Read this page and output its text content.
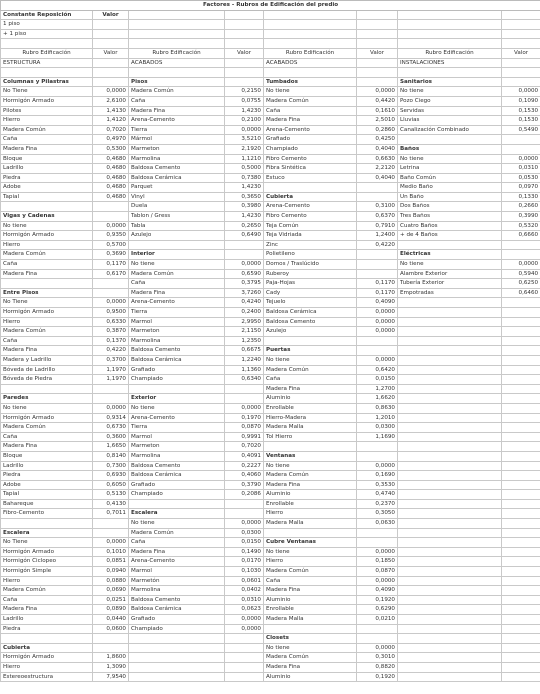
Factores - Rubros de Edificación del predio							
Constante Reposición	Valor						
1 piso							
+ 1 piso							

Rubro Edificación	Valor	Rubro Edificación	Valor	Rubro Edificación	Valor	Rubro Edificación	Valor
ESTRUCTURA		ACABADOS		ACABADOS		INSTALACIONES	

Columnas y Pilastras		Pisos		Tumbados		Sanitarios	
No Tiene	0,0000	Madera Común	0,2150	No tiene	0,0000	No tiene	0,0000
Hormigón Armado	2,6100	Caña	0,0755	Madera Común	0,4420	Pozo Ciego	0,1090
Pilotes	1,4130	Madera Fina	1,4230	Caña	0,1610	Servidas	0,1530
Hierro	1,4120	Arena-Cemento	0,2100	Madera Fina	2,5010	Lluvias	0,1530
Madera Común	0,7020	Tierra	0,0000	Arena-Cemento	0,2860	Canalización Combinado	0,5490
Caña	0,4970	Mármol	3,5210	Grafiado	0,4250		
Madera Fina	0,5300	Marmeton	2,1920	Champiado	0,4040	Baños	
Bloque	0,4680	Marmolina	1,1210	Fibro Cemento	0,6630	No tiene	0,0000
Ladrillo	0,4680	Baldosa Cemento	0,5000	Fibra Sintética	2,2120	Letrina	0,0310
Piedra	0,4680	Baldosa Cerámica	0,7380	Estuco	0,4040	Baño Común	0,0530
Adobe	0,4680	Parquet	1,4230			Medio Baño	0,0970
Tapial	0,4680	Vinyl	0,3650	Cubierta		Un Baño	0,1330
		Duela	0,3980	Arena-Cemento	0,3100	Dos Baños	0,2660
Vigas y Cadenas		Tablon / Gress	1,4230	Fibro Cemento	0,6370	Tres Baños	0,3990
No tiene	0,0000	Tabla	0,2650	Teja Común	0,7910	Cuatro Baños	0,5320
Hormigón Armado	0,9350	Azulejo	0,6490	Teja Vidriada	1,2400	+ de 4 Baños	0,6660
Hierro	0,5700			Zinc	0,4220		
Madera Común	0,3690	Interior		Polietileno		Eléctricas	
Caña	0,1170	No tiene	0,0000	Domos / Traslúcido		No tiene	0,0000
Madera Fina	0,6170	Madera Común	0,6590	Ruberoy		Alambre Exterior	0,5940
		Caña	0,3795	Paja-Hojas	0,1170	Tubería Exterior	0,6250
Entre Pisos		Madera Fina	3,7260	Cady	0,1170	Empotradas	0,6460
No Tiene	0,0000	Arena-Cemento	0,4240	Tejuelo	0,4090		
Hormigón Armado	0,9500	Tierra	0,2400	Baldosa Cerámica	0,0000		
Hierro	0,6330	Marmol	2,9950	Baldosa Cemento	0,0000		
Madera Común	0,3870	Marmeton	2,1150	Azulejo	0,0000		
Caña	0,1370	Marmolina	1,2350				
Madera Fina	0,4220	Baldosa Cemento	0,6675	Puertas			
Madera y Ladrillo	0,3700	Baldosa Cerámica	1,2240	No tiene	0,0000		
Bóveda de Ladrillo	1,1970	Grafiado	1,1360	Madera Común	0,6420		
Bóveda de Piedra	1,1970	Champiado	0,6340	Caña	0,0150		
				Madera Fina	1,2700		
Paredes		Exterior		Aluminio	1,6620		
No tiene	0,0000	No tiene	0,0000	Enrollable	0,8630		
Hormigón Armado	0,9314	Arena-Cemento	0,1970	Hierro-Madera	1,2010		
Madera Común	0,6730	Tierra	0,0870	Madera Malla	0,0300		
Caña	0,3600	Marmol	0,9991	Tol Hierro	1,1690		
Madera Fina	1,6650	Marmeton	0,7020				
Bloque	0,8140	Marmolina	0,4091	Ventanas			
Ladrillo	0,7300	Baldosa Cemento	0,2227	No tiene	0,0000		
Piedra	0,6930	Baldosa Cerámica	0,4060	Madera Común	0,1690		
Adobe	0,6050	Grafiado	0,3790	Madera Fina	0,3530		
Tapial	0,5130	Champiado	0,2086	Aluminio	0,4740		
Bahareque	0,4130			Enrollable	0,2370		
Fibro-Cemento	0,7011	Escalera		Hierro	0,3050		
		No tiene	0,0000	Madera Malla	0,0630		
Escalera		Madera Común	0,0300				
No Tiene	0,0000	Caña	0,0150	Cubre Ventanas			
Hormigón Armado	0,1010	Madera Fina	0,1490	No tiene	0,0000		
Hormigón Ciclopeo	0,0851	Arena-Cemento	0,0170	Hierro	0,1850		
Hormigón Simple	0,0940	Marmol	0,1030	Madera Común	0,0870		
Hierro	0,0880	Marmetón	0,0601	Caña	0,0000		
Madera Común	0,0690	Marmolina	0,0402	Madera Fina	0,4090		
Caña	0,0251	Baldosa Cemento	0,0310	Aluminio	0,1920		
Madera Fina	0,0890	Baldosa Cerámica	0,0623	Enrollable	0,6290		
Ladrillo	0,0440	Grafiado	0,0000	Madera Malla	0,0210		
Piedra	0,0600	Champiado	0,0000				
				Closets			
Cubierta				No tiene	0,0000		
Hormigón Armado	1,8600			Madera Común	0,3010		
Hierro	1,3090			Madera Fina	0,8820		
Estereoestructura	7,9540			Aluminio	0,1920		
